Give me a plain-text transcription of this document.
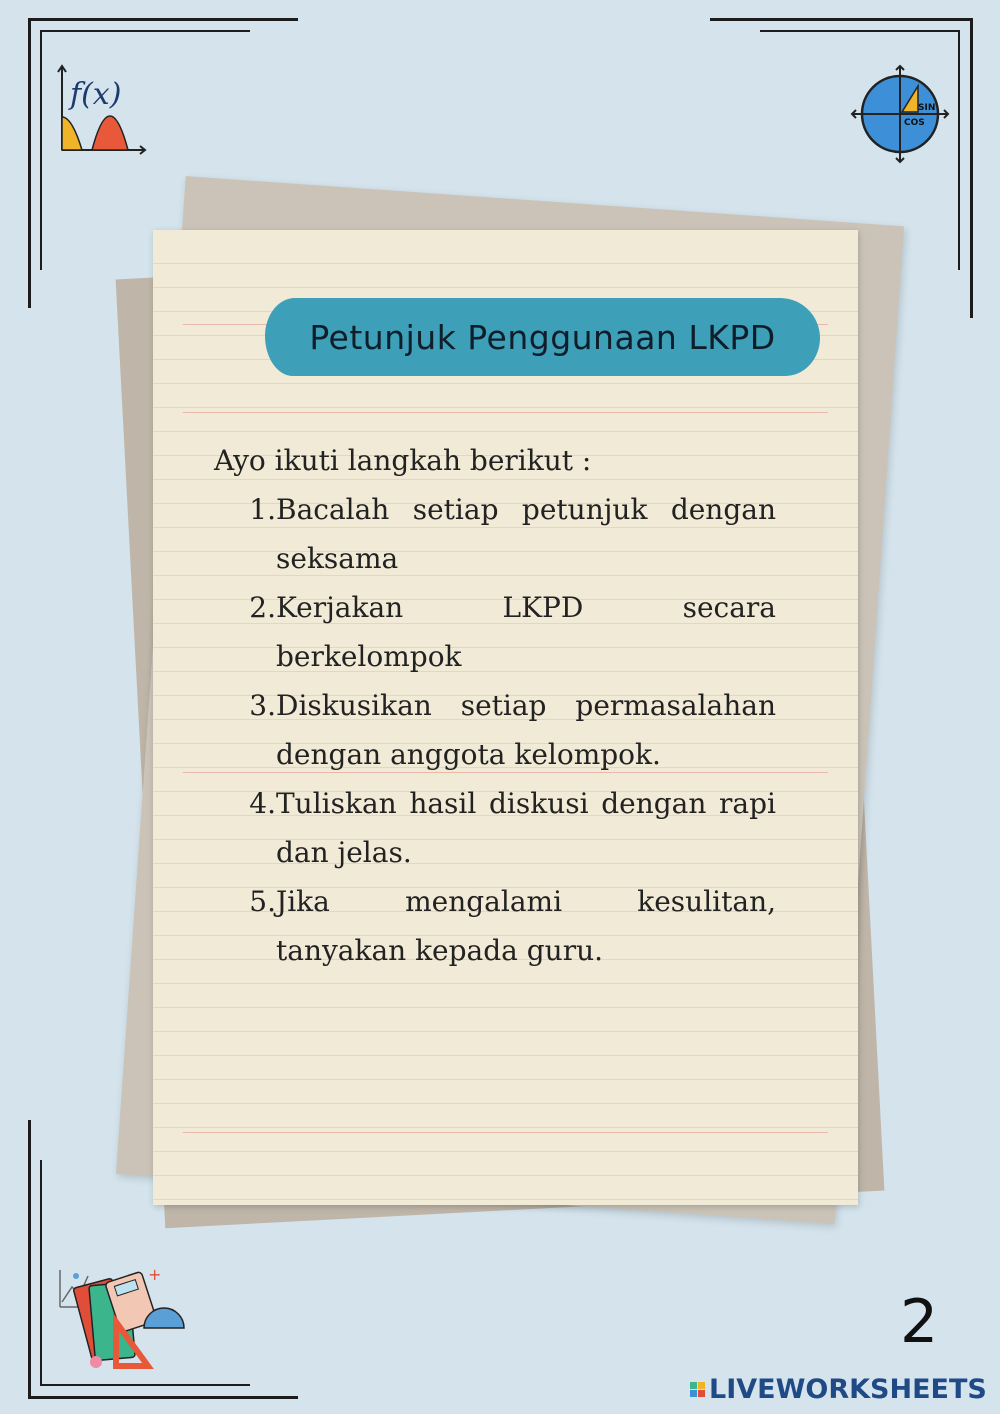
Petunjuk Penggunaan LKPD
Ayo ikuti langkah berikut :
1. Bacalah setiap petunjuk dengan seksama
2. Kerjakan LKPD secara berkelompok
3. Diskusikan setiap permasalahan dengan anggota kelompok.
4. Tuliskan hasil diskusi dengan rapi dan jelas.
5. Jika mengalami kesulitan, tanyakan kepada guru.
f(x)	SIN
COS
+
2
LIVEWORKSHEETS
